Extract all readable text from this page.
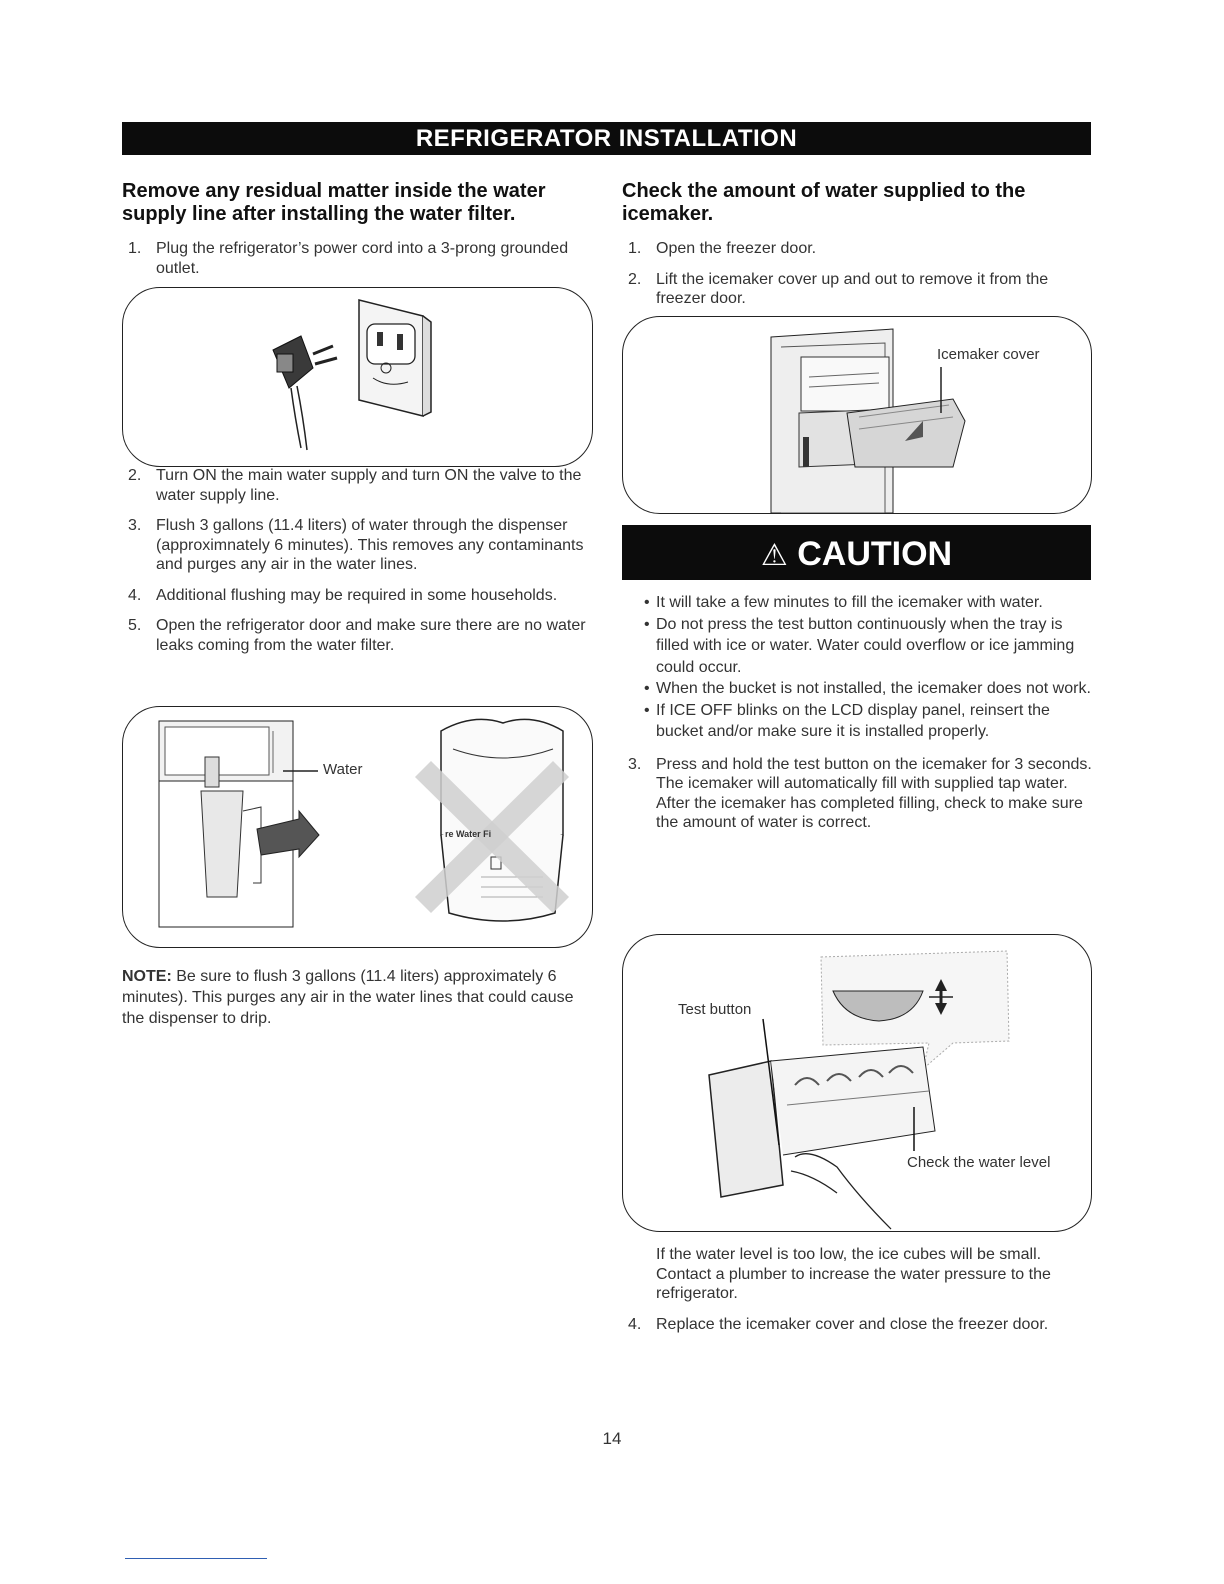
REFRIGERATOR INSTALLATION
Remove any residual matter inside the water supply line after installing the water filter.
1. Plug the refrigerator’s power cord into a 3-prong grounded outlet.
2. Turn ON the main water supply and turn ON the valve to the water supply line.
3. Flush 3 gallons (11.4 liters) of water through the dispenser (approximnately 6 minutes). This removes any contaminants and purges any air in the water lines.
4. Additional flushing may be required in some households.
5. Open the refrigerator door and make sure there are no water leaks coming from the water filter.
re Water Fi
Water
NOTE: Be sure to flush 3 gallons (11.4 liters) approximately 6 minutes). This purges any air in the water lines that could cause the dispenser to drip.
Check the amount of water supplied to the icemaker.
1. Open the freezer door.
2. Lift the icemaker cover up and out to remove it from the freezer door.
Icemaker cover
⚠ CAUTION
• It will take a few minutes to fill the icemaker with water.
• Do not press the test button continuously when the tray is filled with ice or water. Water could overflow or ice jamming could occur.
• When the bucket is not installed, the icemaker does not work.
• If ICE OFF blinks on the LCD display panel, reinsert the bucket and/or make sure it is installed properly.
3. Press and hold the test button on the icemaker for 3 seconds. The icemaker will automatically fill with supplied tap water. After the icemaker has completed filling, check to make sure the amount of water is correct.
Test button
Check the water level
If the water level is too low, the ice cubes will be small. Contact a plumber to increase the water pressure to the refrigerator.
4. Replace the icemaker cover and close the freezer door.
14
